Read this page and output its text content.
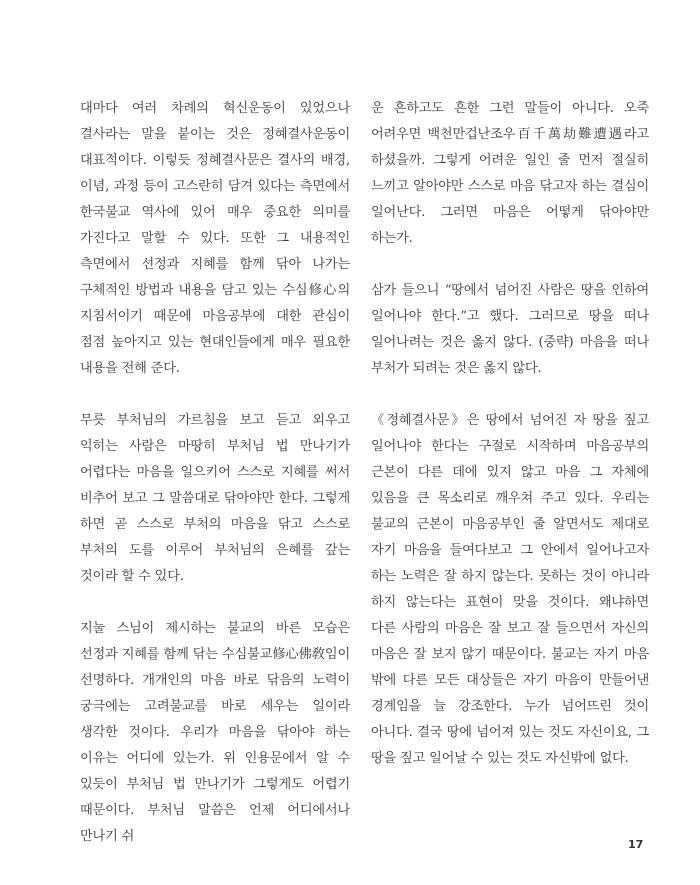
대마다 여러 차례의 혁신운동이 있었으나 결사라는 말을 붙이는 것은 정혜결사운동이 대표적이다. 이렇듯 정혜결사문은 결사의 배경, 이념, 과정 등이 고스란히 담겨 있다는 측면에서 한국불교 역사에 있어 매우 중요한 의미를 가진다고 말할 수 있다. 또한 그 내용적인 측면에서 선정과 지혜를 함께 닦아 나가는 구체적인 방법과 내용을 담고 있는 수심修心의 지침서이기 때문에 마음공부에 대한 관심이 점점 높아지고 있는 현대인들에게 매우 필요한 내용을 전해 준다.

무릇 부처님의 가르침을 보고 듣고 외우고 익히는 사람은 마땅히 부처님 법 만나기가 어렵다는 마음을 일으키어 스스로 지혜를 써서 비추어 보고 그 말씀대로 닦아야만 한다. 그렇게 하면 곧 스스로 부처의 마음을 닦고 스스로 부처의 도를 이루어 부처님의 은혜를 갚는 것이라 할 수 있다.

지눌 스님이 제시하는 불교의 바른 모습은 선정과 지혜를 함께 닦는 수심불교修心佛敎임이 선명하다. 개개인의 마음 바로 닦음의 노력이 궁극에는 고려불교를 바로 세우는 일이라 생각한 것이다. 우리가 마음을 닦아야 하는 이유는 어디에 있는가. 위 인용문에서 알 수 있듯이 부처님 법 만나기가 그렇게도 어렵기 때문이다. 부처님 말씀은 언제 어디에서나 만나기 쉬

운 흔하고도 흔한 그런 말들이 아니다. 오죽 어려우면 백천만겁난조우百千萬劫難遭遇라고 하셨을까. 그렇게 어려운 일인 줄 먼저 절실히 느끼고 알아야만 스스로 마음 닦고자 하는 결심이 일어난다. 그러면 마음은 어떻게 닦아야만 하는가.

삼가 들으니 “땅에서 넘어진 사람은 땅을 인하여 일어나야 한다.”고 했다. 그러므로 땅을 떠나 일어나려는 것은 옳지 않다. (중략) 마음을 떠나 부처가 되려는 것은 옳지 않다.

《정혜결사문》은 땅에서 넘어진 자 땅을 짚고 일어나야 한다는 구절로 시작하며 마음공부의 근본이 다른 데에 있지 않고 마음 그 자체에 있음을 큰 목소리로 깨우쳐 주고 있다. 우리는 불교의 근본이 마음공부인 줄 알면서도 제대로 자기 마음을 들여다보고 그 안에서 일어나고자 하는 노력은 잘 하지 않는다. 못하는 것이 아니라 하지 않는다는 표현이 맞을 것이다. 왜냐하면 다른 사람의 마음은 잘 보고 잘 들으면서 자신의 마음은 잘 보지 않기 때문이다. 불교는 자기 마음 밖에 다른 모든 대상들은 자기 마음이 만들어낸 경계임을 늘 강조한다. 누가 넘어뜨린 것이 아니다. 결국 땅에 넘어져 있는 것도 자신이요, 그 땅을 짚고 일어날 수 있는 것도 자신밖에 없다.

17
